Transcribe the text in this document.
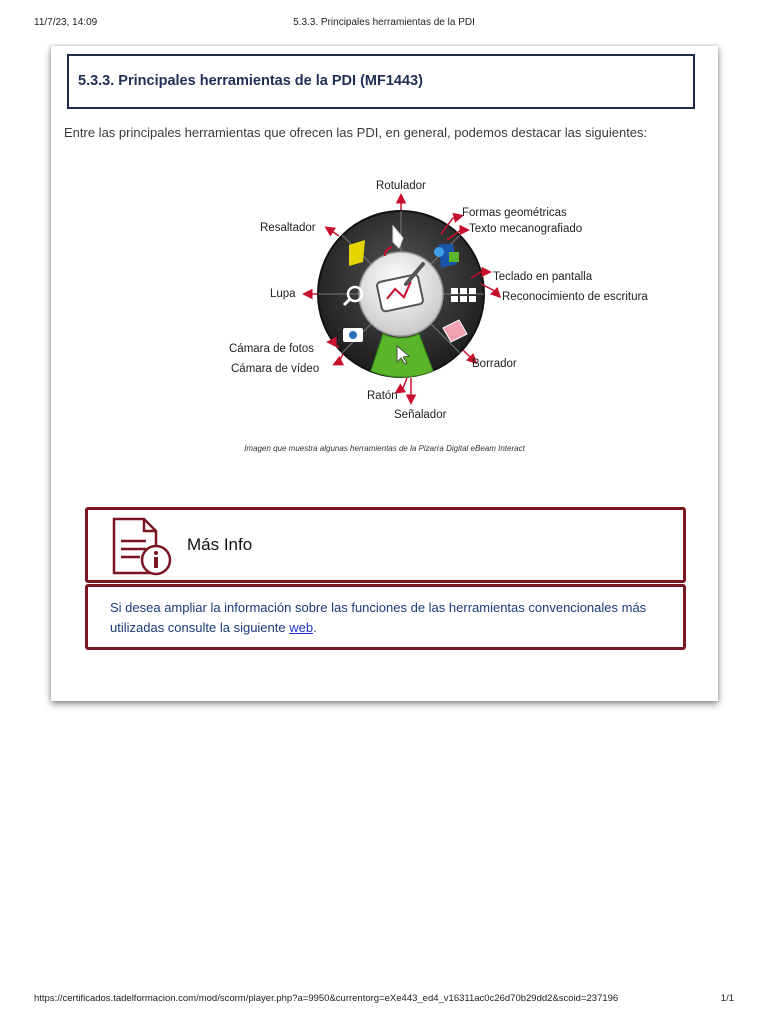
11/7/23, 14:09	5.3.3. Principales herramientas de la PDI
5.3.3. Principales herramientas de la PDI (MF1443)

Entre las principales herramientas que ofrecen las PDI, en general, podemos destacar las siguientes:

Rotulador
Formas geométricas
Texto mecanografiado
Resaltador
Lupa
Teclado en pantalla
Reconocimiento de escritura
Cámara de fotos
Cámara de vídeo	Borrador
Ratón
Señalador
Imagen que muestra algunas herramientas de la Pizarra Digital eBeam Interact
Más Info

Si desea ampliar la información sobre las funciones de las herramientas convencionales más utilizadas consulte la siguiente web.

https://certificados.tadelformacion.com/mod/scorm/player.php?a=9950&currentorg=eXe443_ed4_v16311ac0c26d70b29dd2&scoid=237196	1/1
